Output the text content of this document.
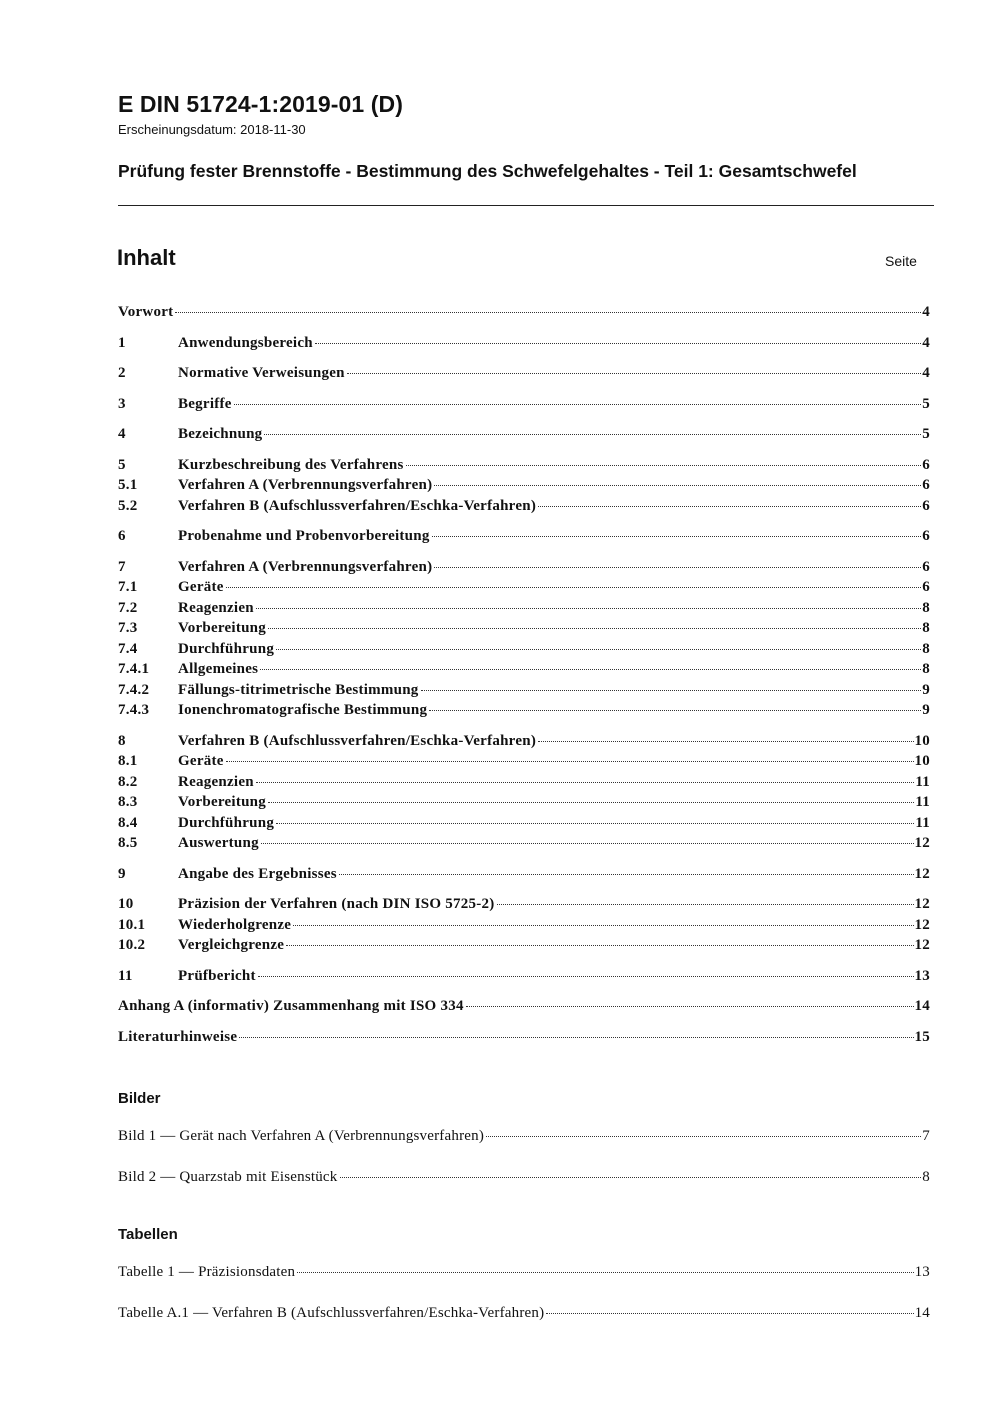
E DIN 51724-1:2019-01 (D)
Erscheinungsdatum: 2018-11-30
Prüfung fester Brennstoffe - Bestimmung des Schwefelgehaltes - Teil 1: Gesamtschwefel
Inhalt	Seite
Vorwort	4
1	Anwendungsbereich	4
2	Normative Verweisungen	4
3	Begriffe	5
4	Bezeichnung	5
5	Kurzbeschreibung des Verfahrens	6
5.1	Verfahren A (Verbrennungsverfahren)	6
5.2	Verfahren B (Aufschlussverfahren/Eschka-Verfahren)	6
6	Probenahme und Probenvorbereitung	6
7	Verfahren A (Verbrennungsverfahren)	6
7.1	Geräte	6
7.2	Reagenzien	8
7.3	Vorbereitung	8
7.4	Durchführung	8
7.4.1	Allgemeines	8
7.4.2	Fällungs-titrimetrische Bestimmung	9
7.4.3	Ionenchromatografische Bestimmung	9
8	Verfahren B (Aufschlussverfahren/Eschka-Verfahren)	10
8.1	Geräte	10
8.2	Reagenzien	11
8.3	Vorbereitung	11
8.4	Durchführung	11
8.5	Auswertung	12
9	Angabe des Ergebnisses	12
10	Präzision der Verfahren (nach DIN ISO 5725-2)	12
10.1	Wiederholgrenze	12
10.2	Vergleichgrenze	12
11	Prüfbericht	13
Anhang A (informativ) Zusammenhang mit ISO 334	14
Literaturhinweise	15
Bilder
Bild 1 — Gerät nach Verfahren A (Verbrennungsverfahren)	7
Bild 2 — Quarzstab mit Eisenstück	8
Tabellen
Tabelle 1 — Präzisionsdaten	13
Tabelle A.1 — Verfahren B (Aufschlussverfahren/Eschka-Verfahren)	14
